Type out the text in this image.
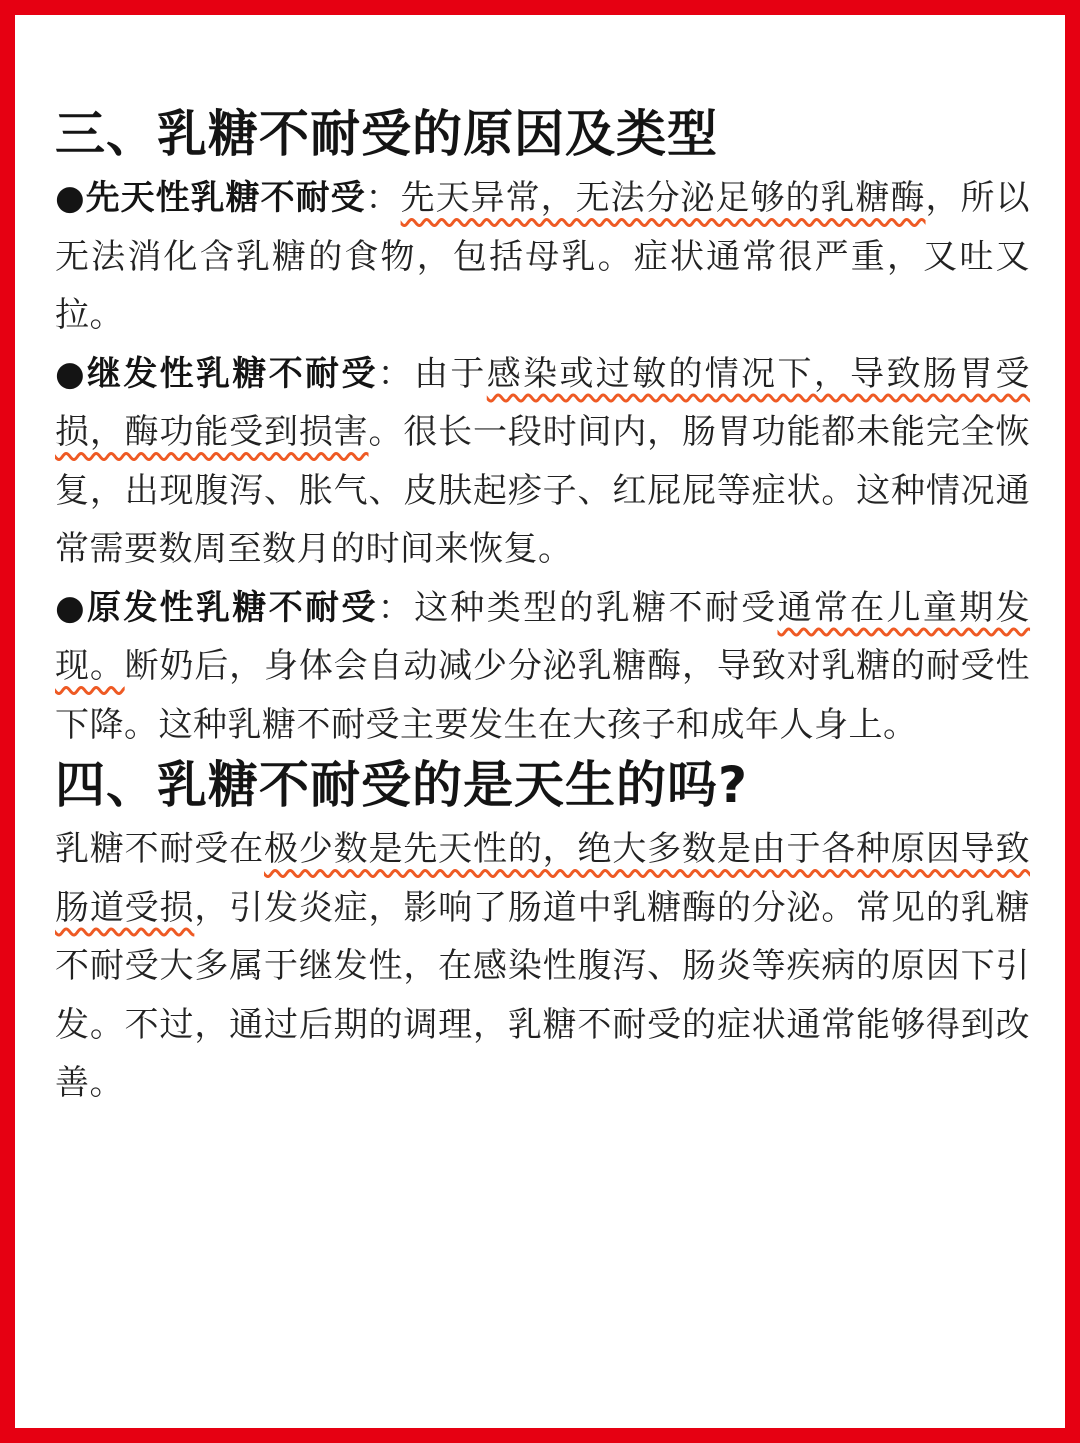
三、乳糖不耐受的原因及类型

●先天性乳糖不耐受：先天异常，无法分泌足够的乳糖酶，所以无法消化含乳糖的食物，包括母乳。症状通常很严重，又吐又拉。

●继发性乳糖不耐受：由于感染或过敏的情况下，导致肠胃受损，酶功能受到损害。很长一段时间内，肠胃功能都未能完全恢复，出现腹泻、胀气、皮肤起疹子、红屁屁等症状。这种情况通常需要数周至数月的时间来恢复。

●原发性乳糖不耐受：这种类型的乳糖不耐受通常在儿童期发现。断奶后，身体会自动减少分泌乳糖酶，导致对乳糖的耐受性下降。这种乳糖不耐受主要发生在大孩子和成年人身上。

四、乳糖不耐受的是天生的吗?

乳糖不耐受在极少数是先天性的，绝大多数是由于各种原因导致肠道受损，引发炎症，影响了肠道中乳糖酶的分泌。常见的乳糖不耐受大多属于继发性，在感染性腹泻、肠炎等疾病的原因下引发。不过，通过后期的调理，乳糖不耐受的症状通常能够得到改善。
